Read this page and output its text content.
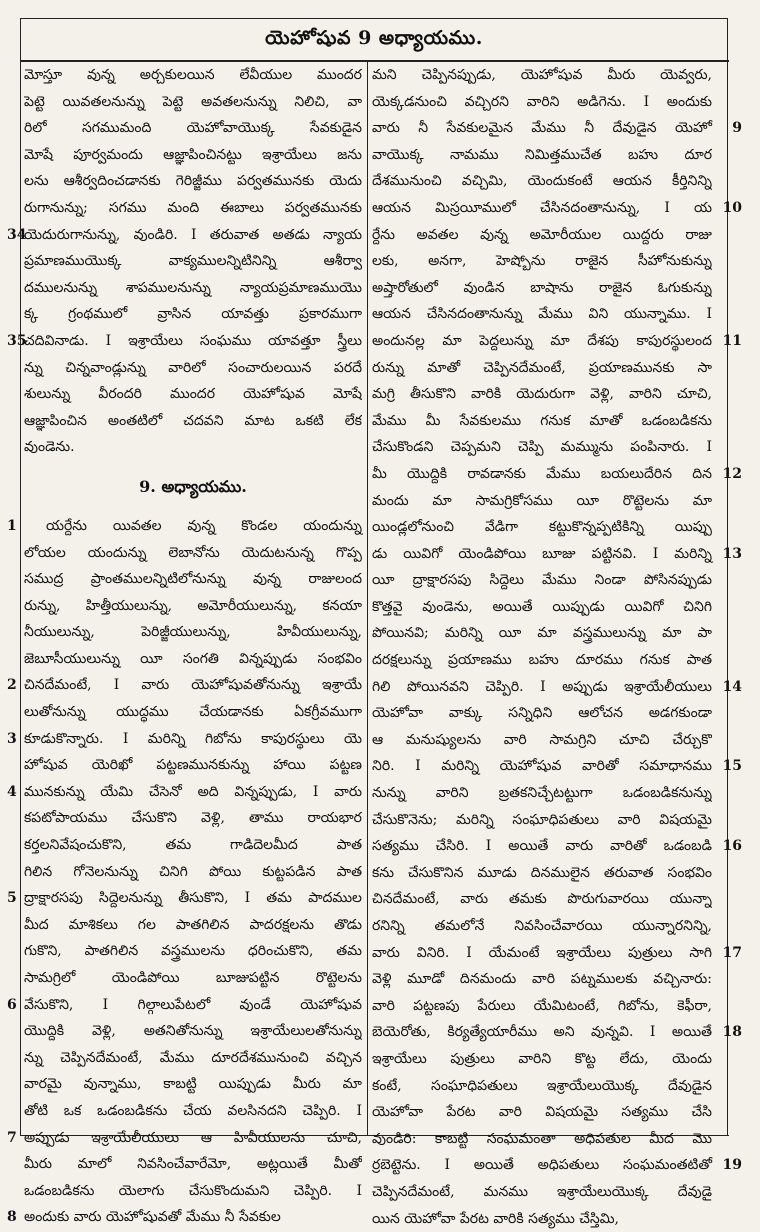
యెహోషువ 9 అధ్యాయము.
మోస్తూ వున్న అర్చకులయిన లేవీయుల ముందర
పెట్టె యివతలనున్ను పెట్టె అవతలనున్ను నిలిచి, వా
రిలో సగముమంది యెహోవాయొక్క సేవకుడైన
మోషే పూర్వమందు ఆజ్ఞాపించినట్టు ఇశ్రాయేలు జను
లను ఆశీర్వదించడానకు గెరిజ్జీము పర్వతమునకు యెదు
రుగానున్ను; సగము మంది ఈబాలు పర్వతమునకు
యెదురుగానున్ను, వుండిరి. I తరువాత అతడు న్యాయ
34
ప్రమాణముయొక్క వాక్యములన్నిటినిన్ని ఆశీర్వా
దములనున్ను శాపములనున్ను న్యాయప్రమాణముయొ
క్క గ్రంథములో వ్రాసిన యావత్తు ప్రకారముగా
చదివినాడు. I ఇశ్రాయేలు సంఘము యావత్తూ స్త్రీలు
35
న్ను చిన్నవాండ్లున్ను వారిలో సంచారులయిన పరదే
శులున్ను వీరందరి ముందర యెహోషువ మోషే
ఆజ్ఞాపించిన అంతటిలో చదవని మాట ఒకటి లేక
వుండెను.
9. అధ్యాయము.
యర్దేను యివతల వున్న కొండల యందున్ను
1
లోయల యందున్ను లెబానోను యెదుటనున్న గొప్ప
సముద్ర ప్రాంతములన్నిటిలోనున్ను వున్న రాజులంద
రున్ను, హిత్తీయులున్ను, అమోరీయులున్ను, కనయా
నీయులున్ను, పెరిజ్జీయులున్ను, హివీయులున్ను,
జెబూసీయులున్ను యీ సంగతి విన్నప్పుడు సంభవిం
చినదేమంటే, I వారు యెహోషువతోనున్ను ఇశ్రాయే
2
లుతోనున్ను యుద్ధము చేయడానకు ఏకగ్రీవముగా
కూడుకొన్నారు. I మరిన్ని గిబోను కాపురస్థులు యె
3
హోషువ యెరిఖో పట్టణమునకున్ను హాయి పట్టణ
మునకున్ను యేమి చేసెనో అది విన్నప్పుడు, I వారు
4
కపటోపాయము చేసుకొని వెళ్లి, తాము రాయభార
కర్తలనివేషంచుకొని, తమ గాడిదెలమీద పాత
గిలిన గోనెలనున్ను చినిగి పోయి కుట్టపడిన పాత
ద్రాక్షారసపు సిద్దెలనున్ను తీసుకొని, I తమ పాదముల
5
మీద మాశికలు గల పాతగిలిన పాదరక్షలను తొడు
గుకొని, పాతగిలిన వస్త్రములను ధరించుకొని, తమ
సామగ్రిలో యెండిపోయి బూజుపట్టిన రొట్టెలను
వేసుకొని, I గిల్గాలుపేటలో వుండే యెహోషువ
6
యొద్దికి వెళ్లి, అతనితోనున్ను ఇశ్రాయేలులతోనున్ను
న్ను చెప్పినదేమంటే, మేము దూరదేశమునుంచి వచ్చిన
వారమై వున్నాము, కాబట్టి యిప్పుడు మీరు మా
తోటి ఒక ఒడంబడికను చేయ వలసినదని చెప్పిరి. I
అప్పుడు ఇశ్రాయేలీయులు ఆ హివీయులను చూచి,
7
మీరు మాలో నివసించేవారేమో, అట్లయితే మీతో
ఒడంబడికను యెలాగు చేసుకొందుమని చెప్పిరి. I
అందుకు వారు యెహోషువతో మేము నీ సేవకుల
8
మని చెప్పినప్పుడు, యెహోషువ మీరు యెవ్వరు,
యెక్కడనుంచి వచ్చిరని వారిని అడిగెను. I అందుకు
వారు నీ సేవకులమైన మేము నీ దేవుడైన యెహో 9
వాయొక్క నామము నిమిత్తముచేత బహు దూర
దేశమునుంచి వచ్చిమి, యెందుకంటే ఆయన కీర్తినిన్ని
ఆయన మిస్రయీములో చేసినదంతానున్ను, I య 10
ర్దేను అవతల వున్న అమోరీయుల యిద్దరు రాజు
లకు, అనగా, హెష్బోను రాజైన సీహోనుకున్ను
అష్తారోతులో వుండిన బాషాను రాజైన ఓగుకున్ను
ఆయన చేసినదంతానున్ను మేము విని యున్నాము. I
అందునల్ల మా పెద్దలున్ను మా దేశపు కాపురస్థులంద 11
రున్ను మాతో చెప్పినదేమంటే, ప్రయాణమునకు సా
మగ్రి తీసుకొని వారికి యెదురుగా వెళ్లి, వారిని చూచి,
మేము మీ సేవకులము గనుక మాతో ఒడంబడికను
చేసుకొండని చెప్పమని చెప్పి మమ్మును పంపినారు. I
మీ యొద్దికి రావడానకు మేము బయలుదేరిన దిన 12
మందు మా సామగ్రికోసము యీ రొట్టెలను మా
యిండ్లలోనుంచి వేడిగా కట్టుకొన్నప్పటికిన్ని యిప్పు
డు యివిగో యెండిపోయి బూజు పట్టినవి. I మరిన్ని 13
యీ ద్రాక్షారసపు సిద్దెలు మేము నిండా పోసినప్పుడు
కొత్తవై వుండెను, అయితే యిప్పుడు యివిగో చినిగి
పోయినవి; మరిన్ని యీ మా వస్త్రములున్ను మా పా
దరక్షలున్ను ప్రయాణము బహు దూరము గనుక పాత
గిలి పోయినవని చెప్పిరి. I అప్పుడు ఇశ్రాయేలీయులు 14
యెహోవా వాక్కు సన్నిధిని ఆలోచన అడగకుండా
ఆ మనుష్యులను వారి సామగ్రిని చూచి చేర్చుకొ
నిరి. I మరిన్ని యెహోషువ వారితో సమాధానము 15
నున్ను వారిని బ్రతకనిచ్చేటట్టుగా ఒడంబడికనున్ను
చేసుకొనెను; మరిన్ని సంఘాధిపతులు వారి విషయమై
సత్యము చేసిరి. I అయితే వారు వారితో ఒడంబడి 16
కను చేసుకొనిన మూడు దినములైన తరువాత సంభవిం
చినదేమంటే, వారు తమకు పొరుగువారయి యున్నా
రనిన్ని తమలోనే నివసించేవారయి యున్నారనిన్ని,
వారు వినిరి. I యేమంటే ఇశ్రాయేలు పుత్రులు సాగి 17
వెళ్లి మూడో దినమందు వారి పట్నములకు వచ్చినారు:
వారి పట్టణపు పేరులు యేమిటంటే, గిబోను, కెఫీరా,
బెయెరోతు, కిర్యత్యేయారీము అని వున్నవి. I అయితే 18
ఇశ్రాయేలు పుత్రులు వారిని కొట్ట లేదు, యెందు
కంటే, సంఘాధిపతులు ఇశ్రాయేలుయొక్క దేవుడైన
యెహోవా పేరట వారి విషయమై సత్యము చేసి
వుండిరి: కాబట్టి సంఘమంతా అధిపతుల మీద మొ
ర్రబెట్టెను. I అయితే అధిపతులు సంఘమంతటితో 19
చెప్పినదేమంటే, మనము ఇశ్రాయేలుయొక్క దేవుడై
యిన యెహోవా పేరట వారికి సత్యము చేస్తిమి,
